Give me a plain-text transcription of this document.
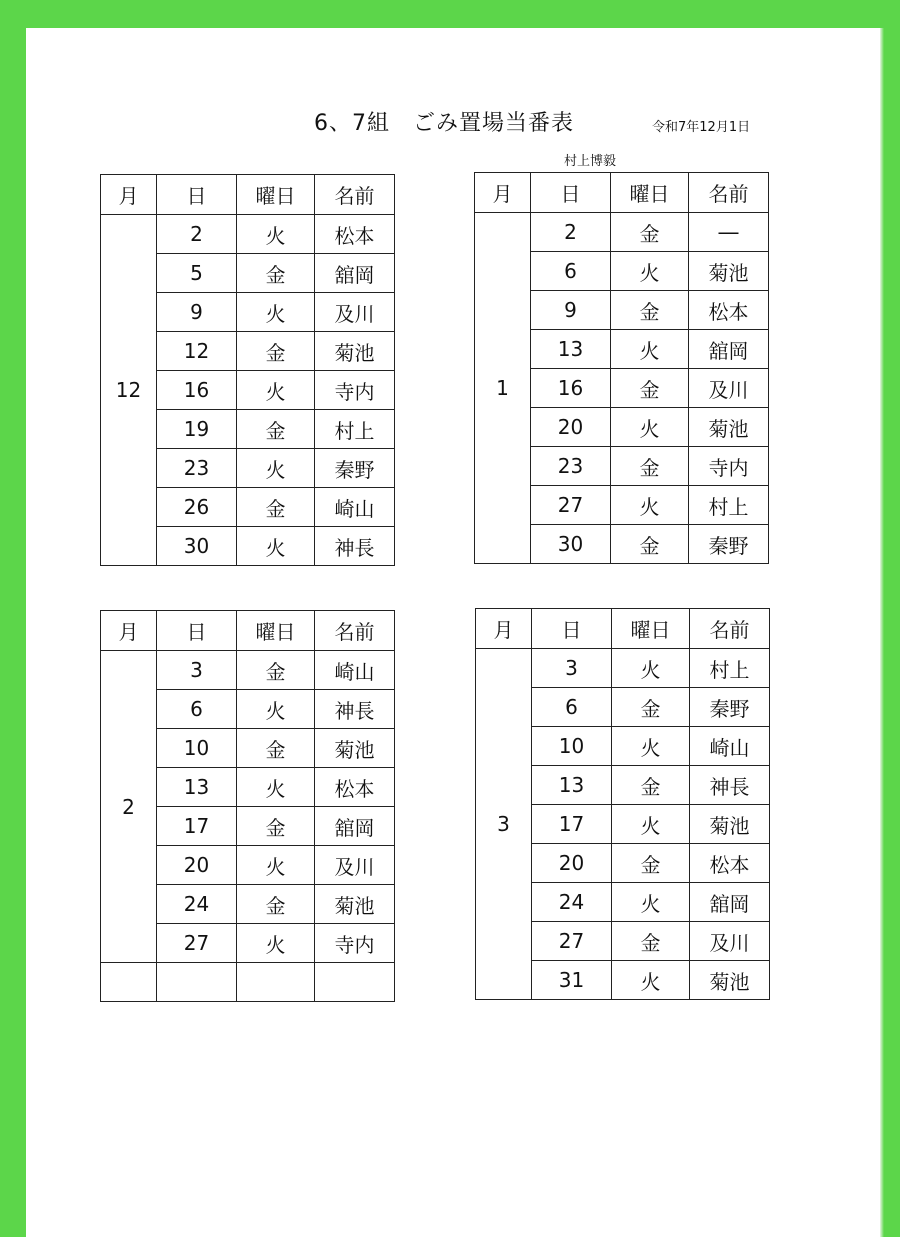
6、7組　ごみ置場当番表	令和7年12月1日
村上博毅
月	日	曜日	名前
12	2	火	松本
	5	金	舘岡
	9	火	及川
	12	金	菊池
	16	火	寺内
	19	金	村上
	23	火	秦野
	26	金	崎山
	30	火	神長
月	日	曜日	名前
1	2	金	―
	6	火	菊池
	9	金	松本
	13	火	舘岡
	16	金	及川
	20	火	菊池
	23	金	寺内
	27	火	村上
	30	金	秦野
月	日	曜日	名前
2	3	金	崎山
	6	火	神長
	10	金	菊池
	13	火	松本
	17	金	舘岡
	20	火	及川
	24	金	菊池
	27	火	寺内

月	日	曜日	名前
3	3	火	村上
	6	金	秦野
	10	火	崎山
	13	金	神長
	17	火	菊池
	20	金	松本
	24	火	舘岡
	27	金	及川
	31	火	菊池
